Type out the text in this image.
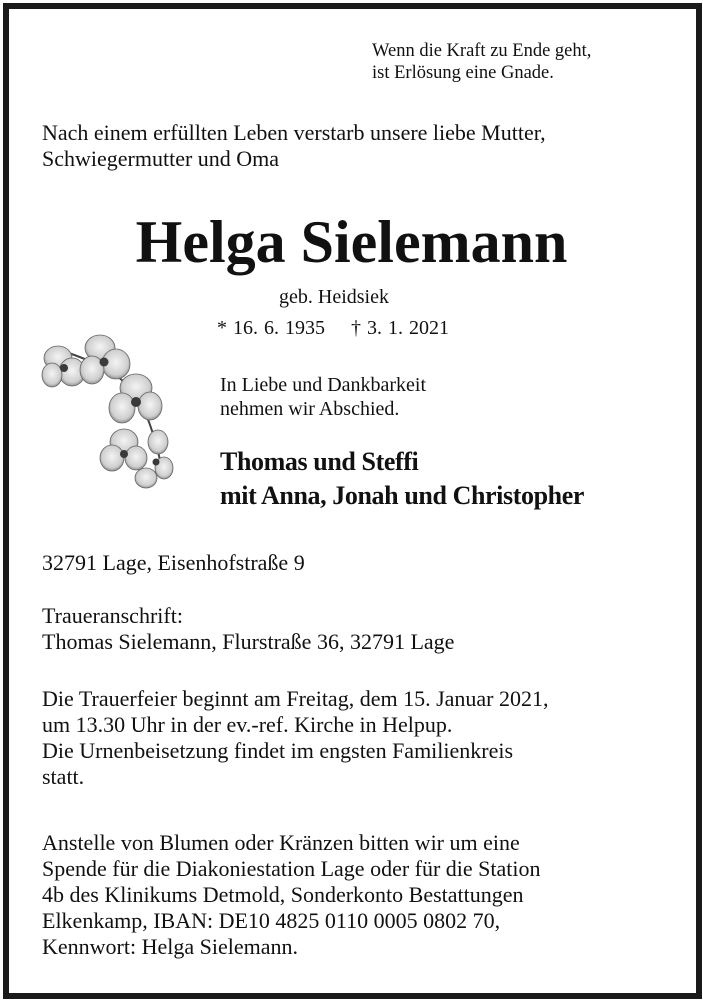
Wenn die Kraft zu Ende geht,
ist Erlösung eine Gnade.

Nach einem erfüllten Leben verstarb unsere liebe Mutter,
Schwiegermutter und Oma

Helga Sielemann

geb. Heidsiek

* 16. 6. 1935 † 3. 1. 2021

In Liebe und Dankbarkeit
nehmen wir Abschied.

Thomas und Steffi
mit Anna, Jonah und Christopher

32791 Lage, Eisenhofstraße 9

Traueranschrift:
Thomas Sielemann, Flurstraße 36, 32791 Lage

Die Trauerfeier beginnt am Freitag, dem 15. Januar 2021,
um 13.30 Uhr in der ev.-ref. Kirche in Helpup.
Die Urnenbeisetzung findet im engsten Familienkreis
statt.

Anstelle von Blumen oder Kränzen bitten wir um eine
Spende für die Diakoniestation Lage oder für die Station
4b des Klinikums Detmold, Sonderkonto Bestattungen
Elkenkamp, IBAN: DE10 4825 0110 0005 0802 70,
Kennwort: Helga Sielemann.
